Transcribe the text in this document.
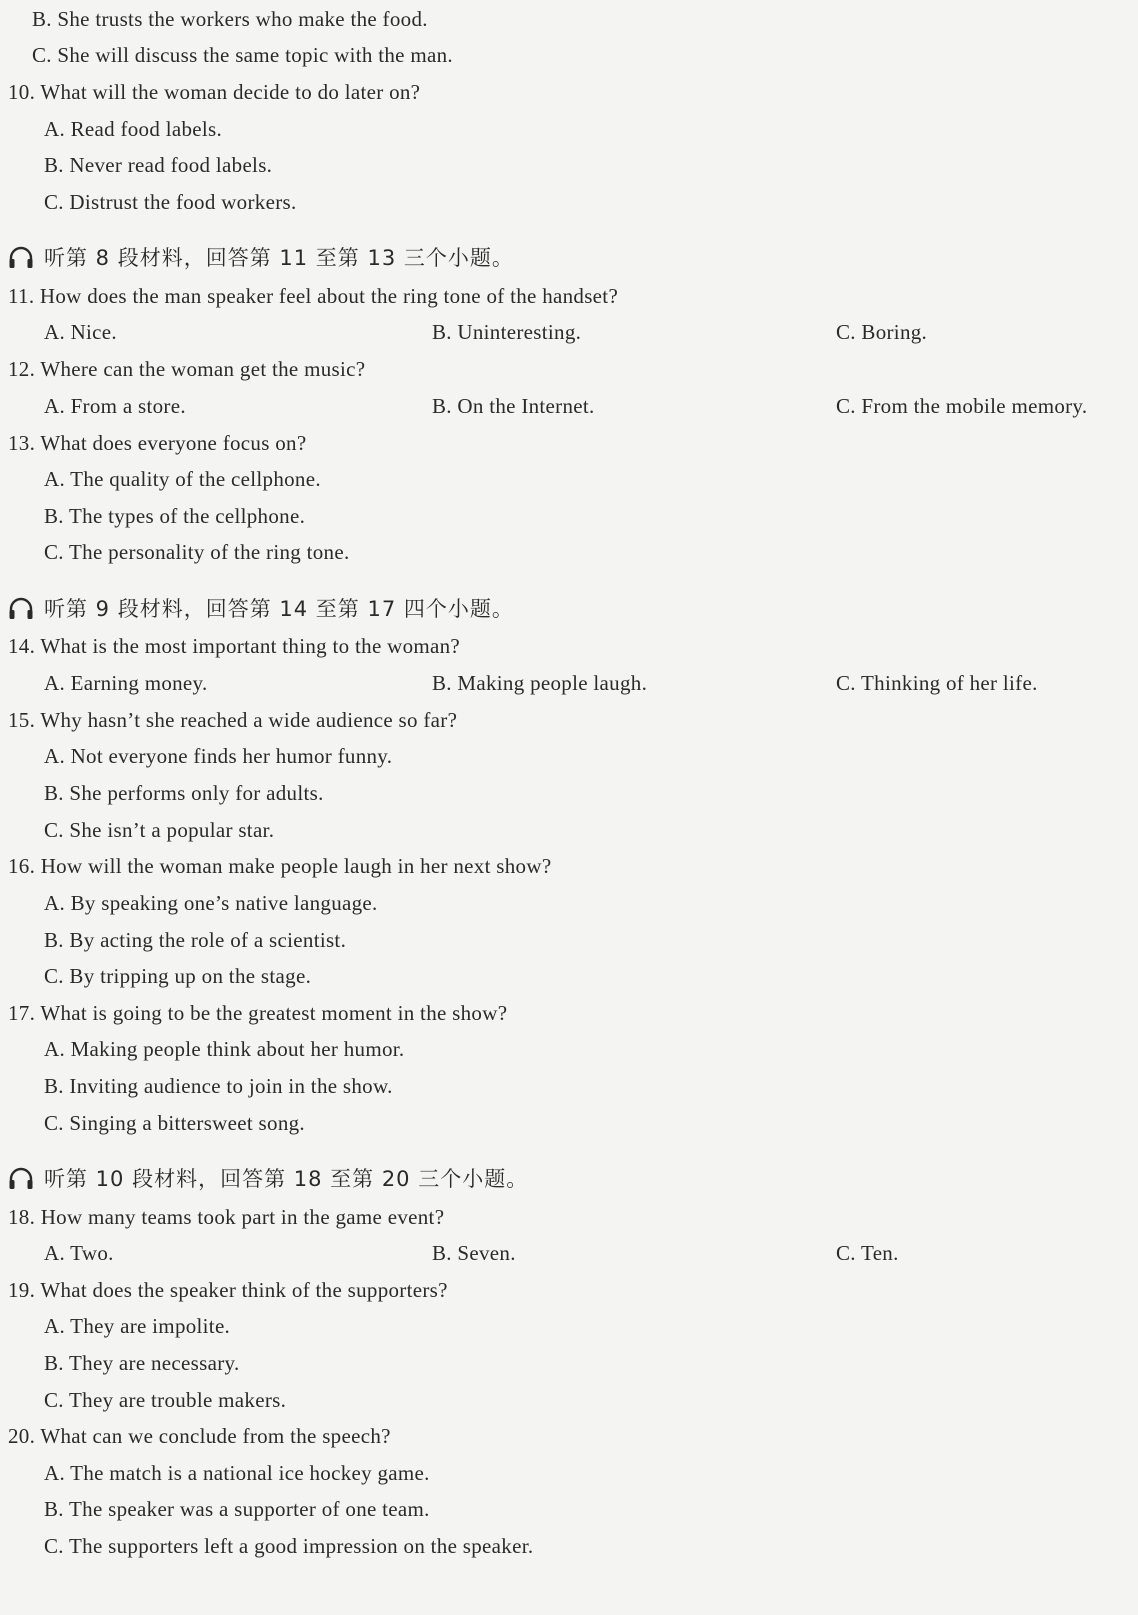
B. She trusts the workers who make the food.
C. She will discuss the same topic with the man.
10. What will the woman decide to do later on?
A. Read food labels.
B. Never read food labels.
C. Distrust the food workers.
听第 8 段材料，回答第 11 至第 13 三个小题。
11. How does the man speaker feel about the ring tone of the handset?
A. Nice.	B. Uninteresting.	C. Boring.
12. Where can the woman get the music?
A. From a store.	B. On the Internet.	C. From the mobile memory.
13. What does everyone focus on?
A. The quality of the cellphone.
B. The types of the cellphone.
C. The personality of the ring tone.
听第 9 段材料，回答第 14 至第 17 四个小题。
14. What is the most important thing to the woman?
A. Earning money.	B. Making people laugh.	C. Thinking of her life.
15. Why hasn’t she reached a wide audience so far?
A. Not everyone finds her humor funny.
B. She performs only for adults.
C. She isn’t a popular star.
16. How will the woman make people laugh in her next show?
A. By speaking one’s native language.
B. By acting the role of a scientist.
C. By tripping up on the stage.
17. What is going to be the greatest moment in the show?
A. Making people think about her humor.
B. Inviting audience to join in the show.
C. Singing a bittersweet song.
听第 10 段材料，回答第 18 至第 20 三个小题。
18. How many teams took part in the game event?
A. Two.	B. Seven.	C. Ten.
19. What does the speaker think of the supporters?
A. They are impolite.
B. They are necessary.
C. They are trouble makers.
20. What can we conclude from the speech?
A. The match is a national ice hockey game.
B. The speaker was a supporter of one team.
C. The supporters left a good impression on the speaker.
